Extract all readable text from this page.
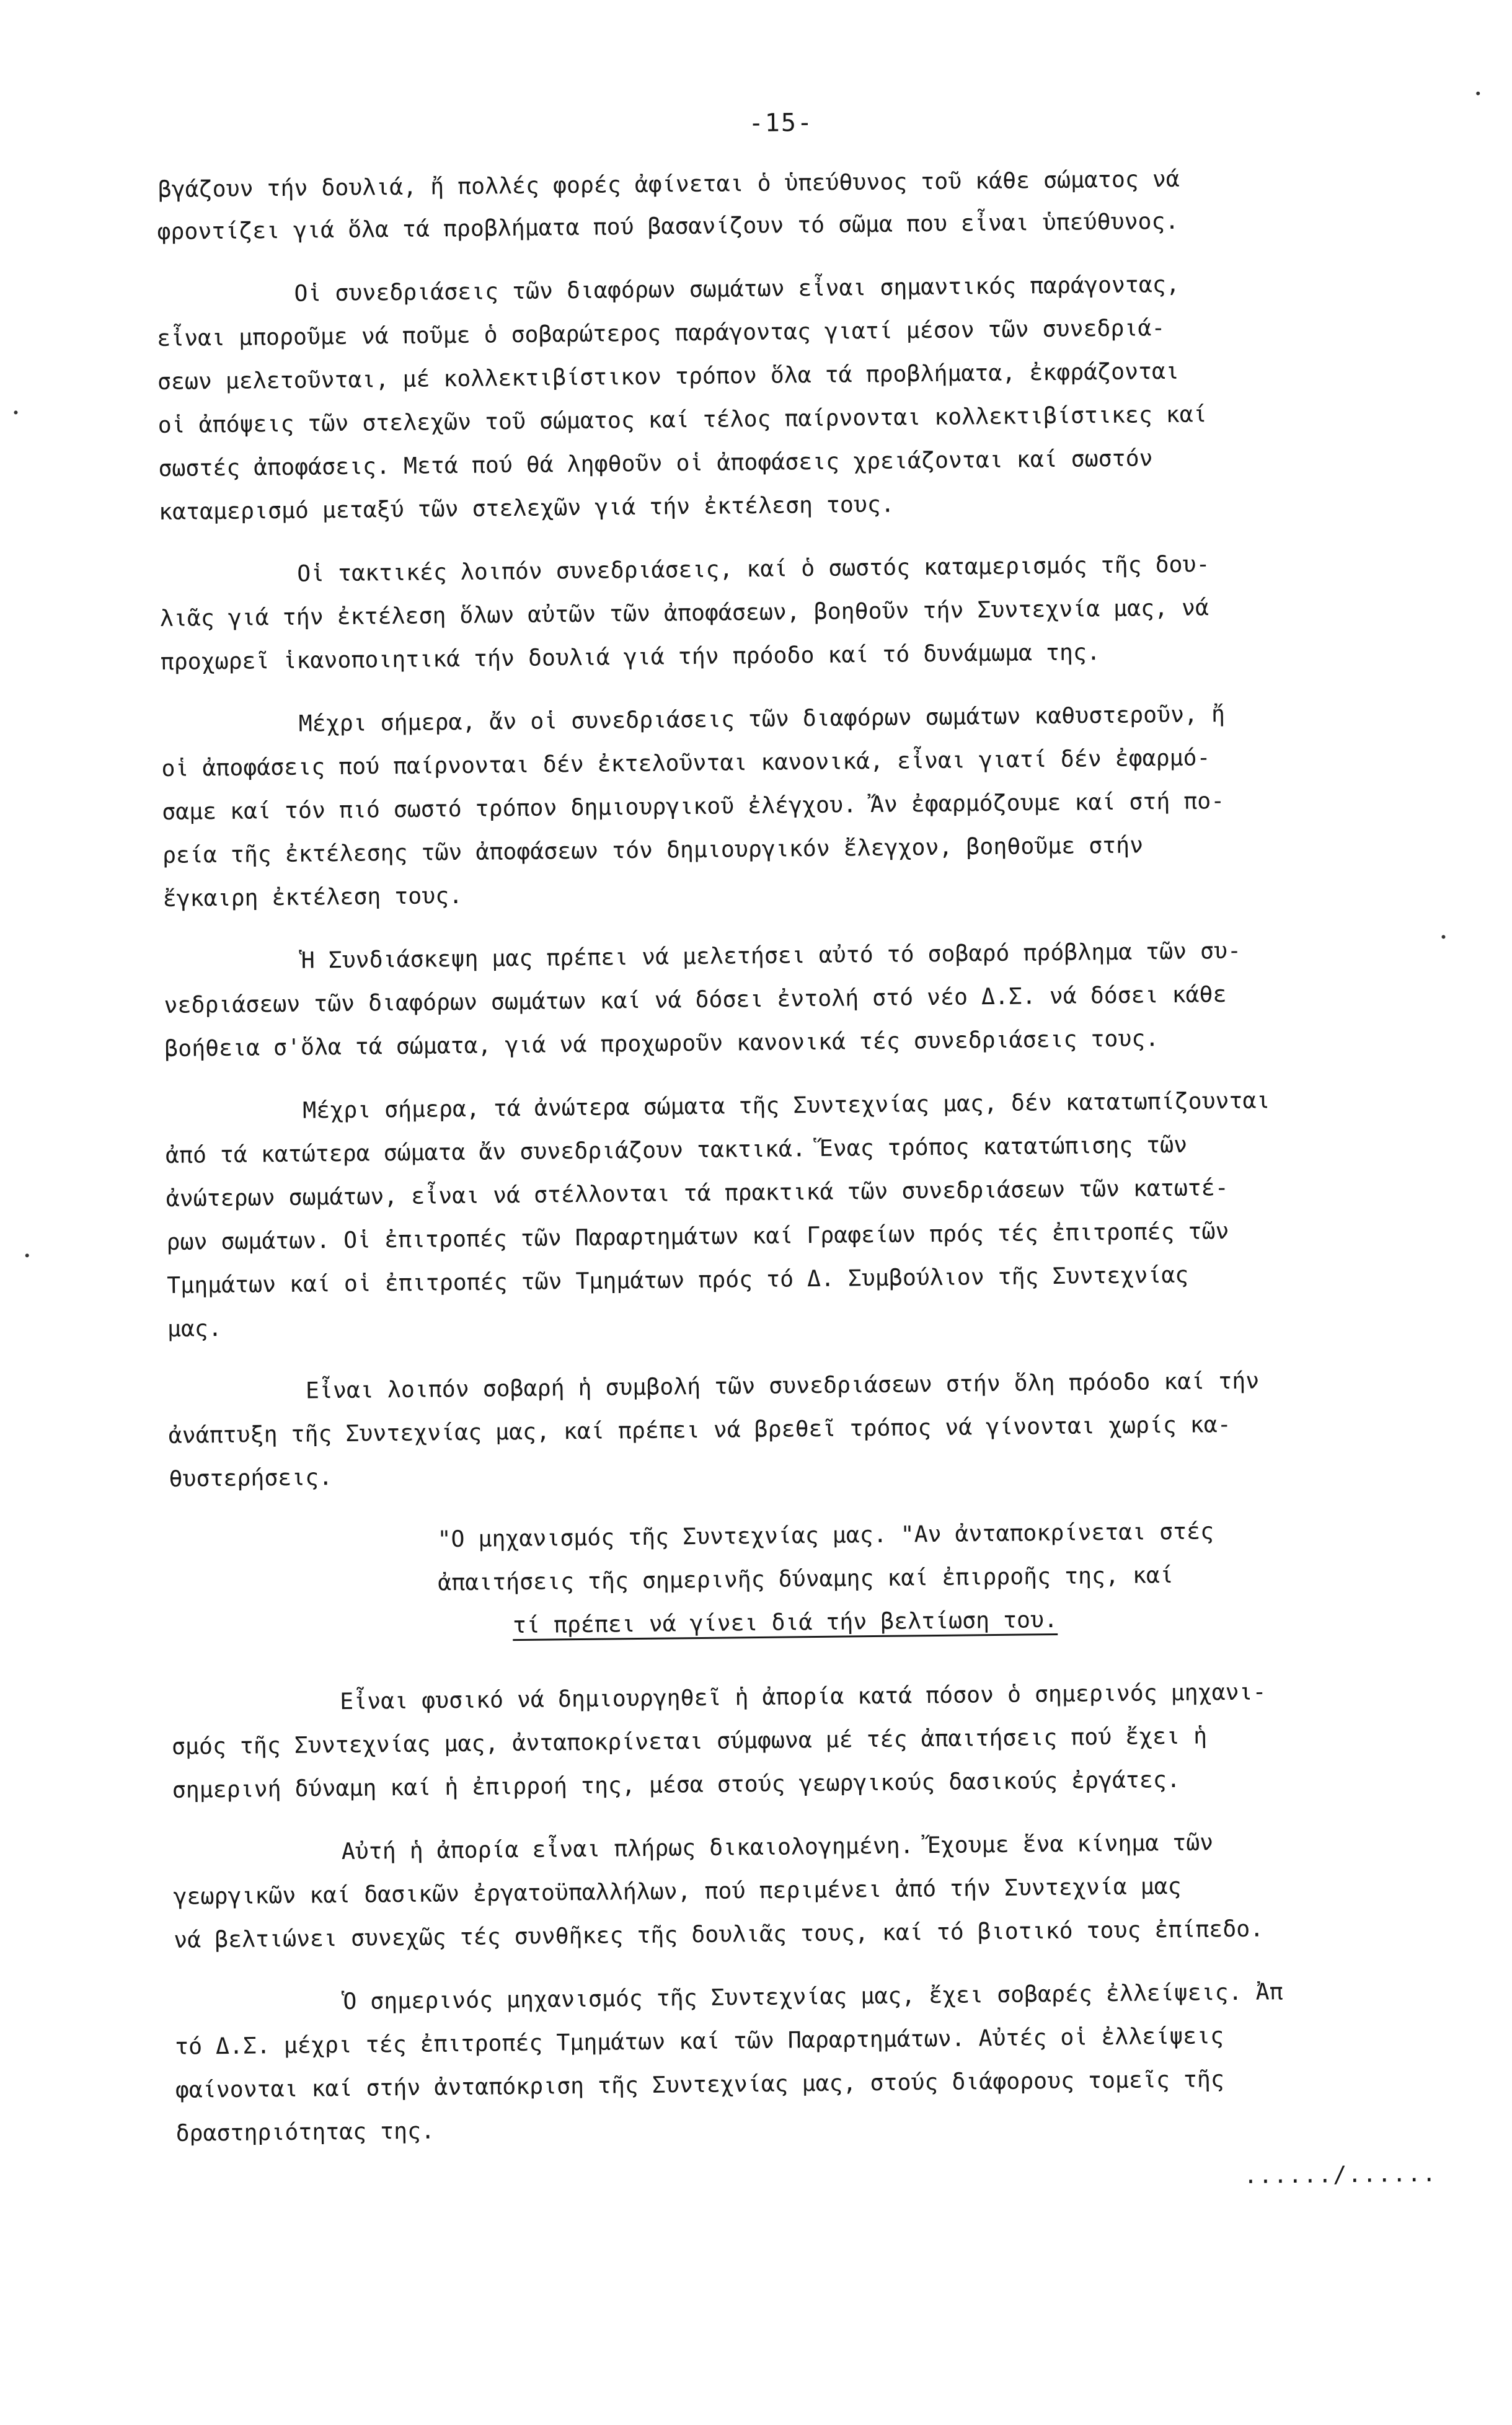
-15-
βγάζουν τήν δουλιά, ἤ πολλές φορές ἀφίνεται ὁ ὑπεύθυνος τοῦ κάθε σώματος νά
φροντίζει γιά ὅλα τά προβλήματα πού βασανίζουν τό σῶμα που εἶναι ὑπεύθυνος.
Οἱ συνεδριάσεις τῶν διαφόρων σωμάτων εἶναι σημαντικός παράγοντας,
εἶναι μποροῦμε νά ποῦμε ὁ σοβαρώτερος παράγοντας γιατί μέσον τῶν συνεδριά-
σεων μελετοῦνται, μέ κολλεκτιβίστικον τρόπον ὅλα τά προβλήματα, ἐκφράζονται
οἱ ἀπόψεις τῶν στελεχῶν τοῦ σώματος καί τέλος παίρνονται κολλεκτιβίστικες καί
σωστές ἀποφάσεις. Μετά πού θά ληφθοῦν οἱ ἀποφάσεις χρειάζονται καί σωστόν
καταμερισμό μεταξύ τῶν στελεχῶν γιά τήν ἐκτέλεση τους.
Οἱ τακτικές λοιπόν συνεδριάσεις, καί ὁ σωστός καταμερισμός τῆς δου-
λιᾶς γιά τήν ἐκτέλεση ὅλων αὐτῶν τῶν ἀποφάσεων, βοηθοῦν τήν Συντεχνία μας, νά
προχωρεῖ ἱκανοποιητικά τήν δουλιά γιά τήν πρόοδο καί τό δυνάμωμα της.
Μέχρι σήμερα, ἄν οἱ συνεδριάσεις τῶν διαφόρων σωμάτων καθυστεροῦν, ἤ
οἱ ἀποφάσεις πού παίρνονται δέν ἐκτελοῦνται κανονικά, εἶναι γιατί δέν ἐφαρμό-
σαμε καί τόν πιό σωστό τρόπον δημιουργικοῦ ἐλέγχου. Ἄν ἐφαρμόζουμε καί στή πο-
ρεία τῆς ἐκτέλεσης τῶν ἀποφάσεων τόν δημιουργικόν ἔλεγχον, βοηθοῦμε στήν
ἔγκαιρη ἐκτέλεση τους.
Ἡ Συνδιάσκεψη μας πρέπει νά μελετήσει αὐτό τό σοβαρό πρόβλημα τῶν συ-
νεδριάσεων τῶν διαφόρων σωμάτων καί νά δόσει ἐντολή στό νέο Δ.Σ. νά δόσει κάθε
βοήθεια σ'ὅλα τά σώματα, γιά νά προχωροῦν κανονικά τές συνεδριάσεις τους.
Μέχρι σήμερα, τά ἀνώτερα σώματα τῆς Συντεχνίας μας, δέν κατατωπίζουνται
ἀπό τά κατώτερα σώματα ἄν συνεδριάζουν τακτικά. Ἕνας τρόπος κατατώπισης τῶν
ἀνώτερων σωμάτων, εἶναι νά στέλλονται τά πρακτικά τῶν συνεδριάσεων τῶν κατωτέ-
ρων σωμάτων. Οἱ ἐπιτροπές τῶν Παραρτημάτων καί Γραφείων πρός τές ἐπιτροπές τῶν
Τμημάτων καί οἱ ἐπιτροπές τῶν Τμημάτων πρός τό Δ. Συμβούλιον τῆς Συντεχνίας
μας.
Εἶναι λοιπόν σοβαρή ἡ συμβολή τῶν συνεδριάσεων στήν ὅλη πρόοδο καί τήν
ἀνάπτυξη τῆς Συντεχνίας μας, καί πρέπει νά βρεθεῖ τρόπος νά γίνονται χωρίς κα-
θυστερήσεις.
"Ο μηχανισμός τῆς Συντεχνίας μας. "Αν ἀνταποκρίνεται στές
ἀπαιτήσεις τῆς σημερινῆς δύναμης καί ἐπιρροῆς της, καί
τί πρέπει νά γίνει διά τήν βελτίωση του.
Εἶναι φυσικό νά δημιουργηθεῖ ἡ ἀπορία κατά πόσον ὁ σημερινός μηχανι-
σμός τῆς Συντεχνίας μας, ἀνταποκρίνεται σύμφωνα μέ τές ἀπαιτήσεις πού ἔχει ἡ
σημερινή δύναμη καί ἡ ἐπιρροή της, μέσα στούς γεωργικούς δασικούς ἐργάτες.
Αὐτή ἡ ἀπορία εἶναι πλήρως δικαιολογημένη. Ἔχουμε ἕνα κίνημα τῶν
γεωργικῶν καί δασικῶν ἐργατοϋπαλλήλων, πού περιμένει ἀπό τήν Συντεχνία μας
νά βελτιώνει συνεχῶς τές συνθῆκες τῆς δουλιᾶς τους, καί τό βιοτικό τους ἐπίπεδο.
Ὁ σημερινός μηχανισμός τῆς Συντεχνίας μας, ἔχει σοβαρές ἐλλείψεις. Ἀπ
τό Δ.Σ. μέχρι τές ἐπιτροπές Τμημάτων καί τῶν Παραρτημάτων. Αὐτές οἱ ἐλλείψεις
φαίνονται καί στήν ἀνταπόκριση τῆς Συντεχνίας μας, στούς διάφορους τομεῖς τῆς
δραστηριότητας της.
....../......
